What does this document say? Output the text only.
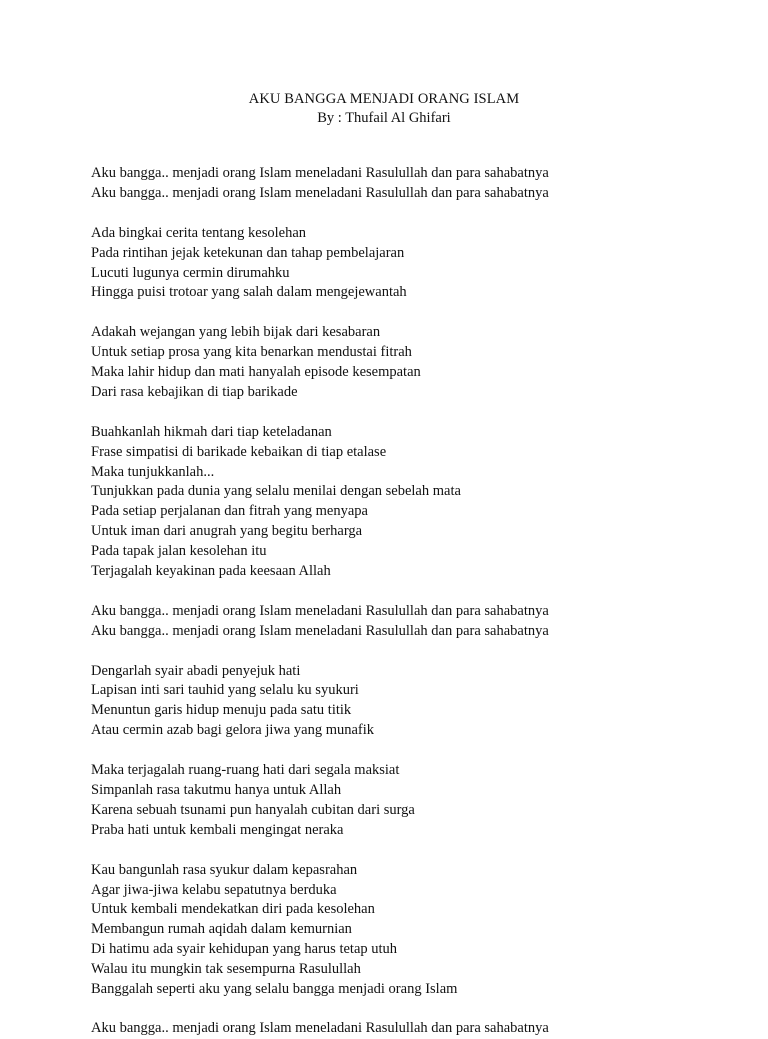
AKU BANGGA MENJADI ORANG ISLAM
By : Thufail Al Ghifari
Aku bangga.. menjadi orang Islam meneladani Rasulullah dan para sahabatnya
Aku bangga.. menjadi orang Islam meneladani Rasulullah dan para sahabatnya
Ada bingkai cerita tentang kesolehan
Pada rintihan jejak ketekunan dan tahap pembelajaran
Lucuti lugunya cermin dirumahku
Hingga puisi trotoar yang salah dalam mengejewantah
Adakah wejangan yang lebih bijak dari kesabaran
Untuk setiap prosa yang kita benarkan mendustai fitrah
Maka lahir hidup dan mati hanyalah episode kesempatan
Dari rasa kebajikan di tiap barikade
Buahkanlah hikmah dari tiap keteladanan
Frase simpatisi di barikade kebaikan di tiap etalase
Maka tunjukkanlah...
Tunjukkan pada dunia yang selalu menilai dengan sebelah mata
Pada setiap perjalanan dan fitrah yang menyapa
Untuk iman dari anugrah yang begitu berharga
Pada tapak jalan kesolehan itu
Terjagalah keyakinan pada keesaan Allah
Aku bangga.. menjadi orang Islam meneladani Rasulullah dan para sahabatnya
Aku bangga.. menjadi orang Islam meneladani Rasulullah dan para sahabatnya
Dengarlah syair abadi penyejuk hati
Lapisan inti sari tauhid yang selalu ku syukuri
Menuntun garis hidup menuju pada satu titik
Atau cermin azab bagi gelora jiwa yang munafik
Maka terjagalah ruang-ruang hati dari segala maksiat
Simpanlah rasa takutmu hanya untuk Allah
Karena sebuah tsunami pun hanyalah cubitan dari surga
Praba hati untuk kembali mengingat neraka
Kau bangunlah rasa syukur dalam kepasrahan
Agar jiwa-jiwa kelabu sepatutnya berduka
Untuk kembali mendekatkan diri pada kesolehan
Membangun rumah aqidah dalam kemurnian
Di hatimu ada syair kehidupan yang harus tetap utuh
Walau itu mungkin tak sesempurna Rasulullah
Banggalah seperti aku yang selalu bangga menjadi orang Islam
Aku bangga.. menjadi orang Islam meneladani Rasulullah dan para sahabatnya
